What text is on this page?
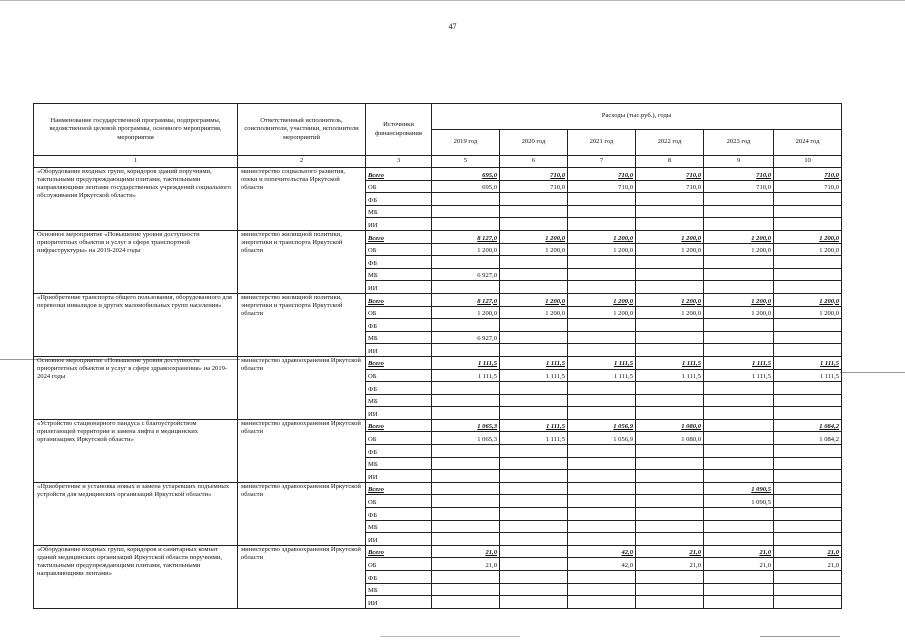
47
Наименование государственной программы, подпрограммы, ведомственной целевой программы, основного мероприятия, мероприятия	Ответственный исполнитель, соисполнители, участники, исполнители мероприятий	Источники финансирования	Расходы (тыс.руб.), годы					
			2019 год	2020 год	2021 год	2022 год	2023 год	2024 год
1	2	3	5	6	7	8	9	10
«Оборудование входных групп, коридоров зданий поручнями, тактильными предупреждающими плитами, тактильными направляющими лентами государственных учреждений социального обслуживания Иркутской области»	министерство социального развития, опеки и попечительства Иркутской области	Всего	695,0	710,0	710,0	710,0	710,0	710,0
		ОБ	695,0	710,0	710,0	710,0	710,0	710,0
		ФБ						
		МБ						
		ИИ						
Основное мероприятие «Повышение уровня доступности приоритетных объектов и услуг в сфере транспортной инфраструктуры» на 2019-2024 годы	министерство жилищной политики, энергетики и транспорта Иркутской области	Всего	8 127,0	1 200,0	1 200,0	1 200,0	1 200,0	1 200,0
		ОБ	1 200,0	1 200,0	1 200,0	1 200,0	1 200,0	1 200,0
		ФБ						
		МБ	6 927,0					
		ИИ						
«Приобретение транспорта общего пользования, оборудованного для перевозки инвалидов и других маломобильных групп населения»	министерство жилищной политики, энергетики и транспорта Иркутской области	Всего	8 127,0	1 200,0	1 200,0	1 200,0	1 200,0	1 200,0
		ОБ	1 200,0	1 200,0	1 200,0	1 200,0	1 200,0	1 200,0
		ФБ						
		МБ	6 927,0					
		ИИ						
Основное мероприятие «Повышение уровня доступности приоритетных объектов и услуг в сфере здравоохранения» на 2019-2024 годы	министерство здравоохранения Иркутской области	Всего	1 111,5	1 111,5	1 111,5	1 111,5	1 111,5	1 111,5
		ОБ	1 111,5	1 111,5	1 111,5	1 111,5	1 111,5	1 111,5
		ФБ						
		МБ						
		ИИ						
«Устройство стационарного пандуса с благоустройством прилегающей территории и замена лифта в медицинских организациях Иркутской области»	министерство здравоохранения Иркутской области	Всего	1 065,3	1 111,5	1 056,9	1 080,0		1 084,2
		ОБ	1 065,3	1 111,5	1 056,9	1 080,0		1 084,2
		ФБ						
		МБ						
		ИИ						
«Приобретение и установка новых и замена устаревших подъемных устройств для медицинских организаций Иркутской области»	министерство здравоохранения Иркутской области	Всего					1 090,5	
		ОБ					1 090,5	
		ФБ						
		МБ						
		ИИ						
«Оборудование входных групп, коридоров и санитарных комнат зданий медицинских организаций Иркутской области поручнями, тактильными предупреждающими плитами, тактильными направляющими лентами»	министерство здравоохранения Иркутской области	Всего	21,0		42,0	21,0	21,0	21,0
		ОБ	21,0		42,0	21,0	21,0	21,0
		ФБ						
		МБ						
		ИИ						
